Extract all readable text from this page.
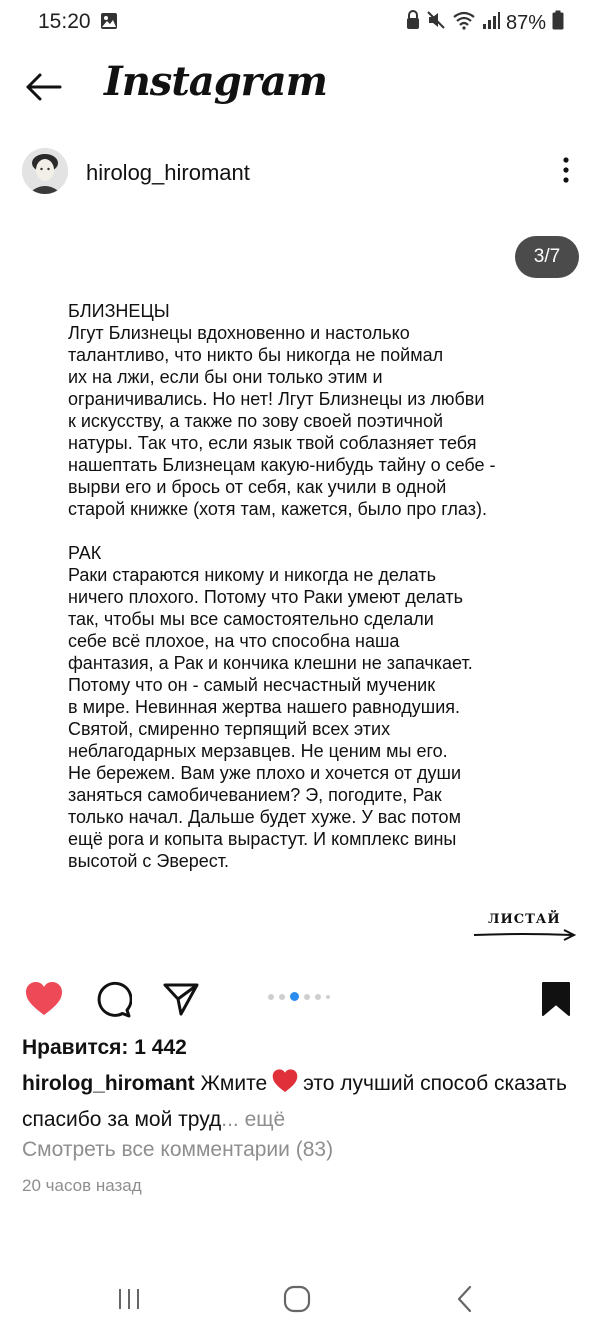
15:20	87%
Instagram
hirolog_hiromant
3/7

БЛИЗНЕЦЫ

Лгут Близнецы вдохновенно и настолько
талантливо, что никто бы никогда не поймал
их на лжи, если бы они только этим и
ограничивались. Но нет! Лгут Близнецы из любви
к искусству, а также по зову своей поэтичной
натуры. Так что, если язык твой соблазняет тебя
нашептать Близнецам какую-нибудь тайну о себе -
вырви его и брось от себя, как учили в одной
старой книжке (хотя там, кажется, было про глаз).

РАК

Раки стараются никому и никогда не делать
ничего плохого. Потому что Раки умеют делать
так, чтобы мы все самостоятельно сделали
себе всё плохое, на что способна наша
фантазия, а Рак и кончика клешни не запачкает.
Потому что он - самый несчастный мученик
в мире. Невинная жертва нашего равнодушия.
Святой, смиренно терпящий всех этих
неблагодарных мерзавцев. Не ценим мы его.
Не бережем. Вам уже плохо и хочется от души
заняться самобичеванием? Э, погодите, Рак
только начал. Дальше будет хуже. У вас потом
ещё рога и копыта вырастут. И комплекс вины
высотой с Эверест.

ЛИСТАЙ
Нравится: 1 442
hirolog_hiromant Жмите это лучший способ сказать спасибо за мой труд... ещё
Смотреть все комментарии (83)
20 часов назад
